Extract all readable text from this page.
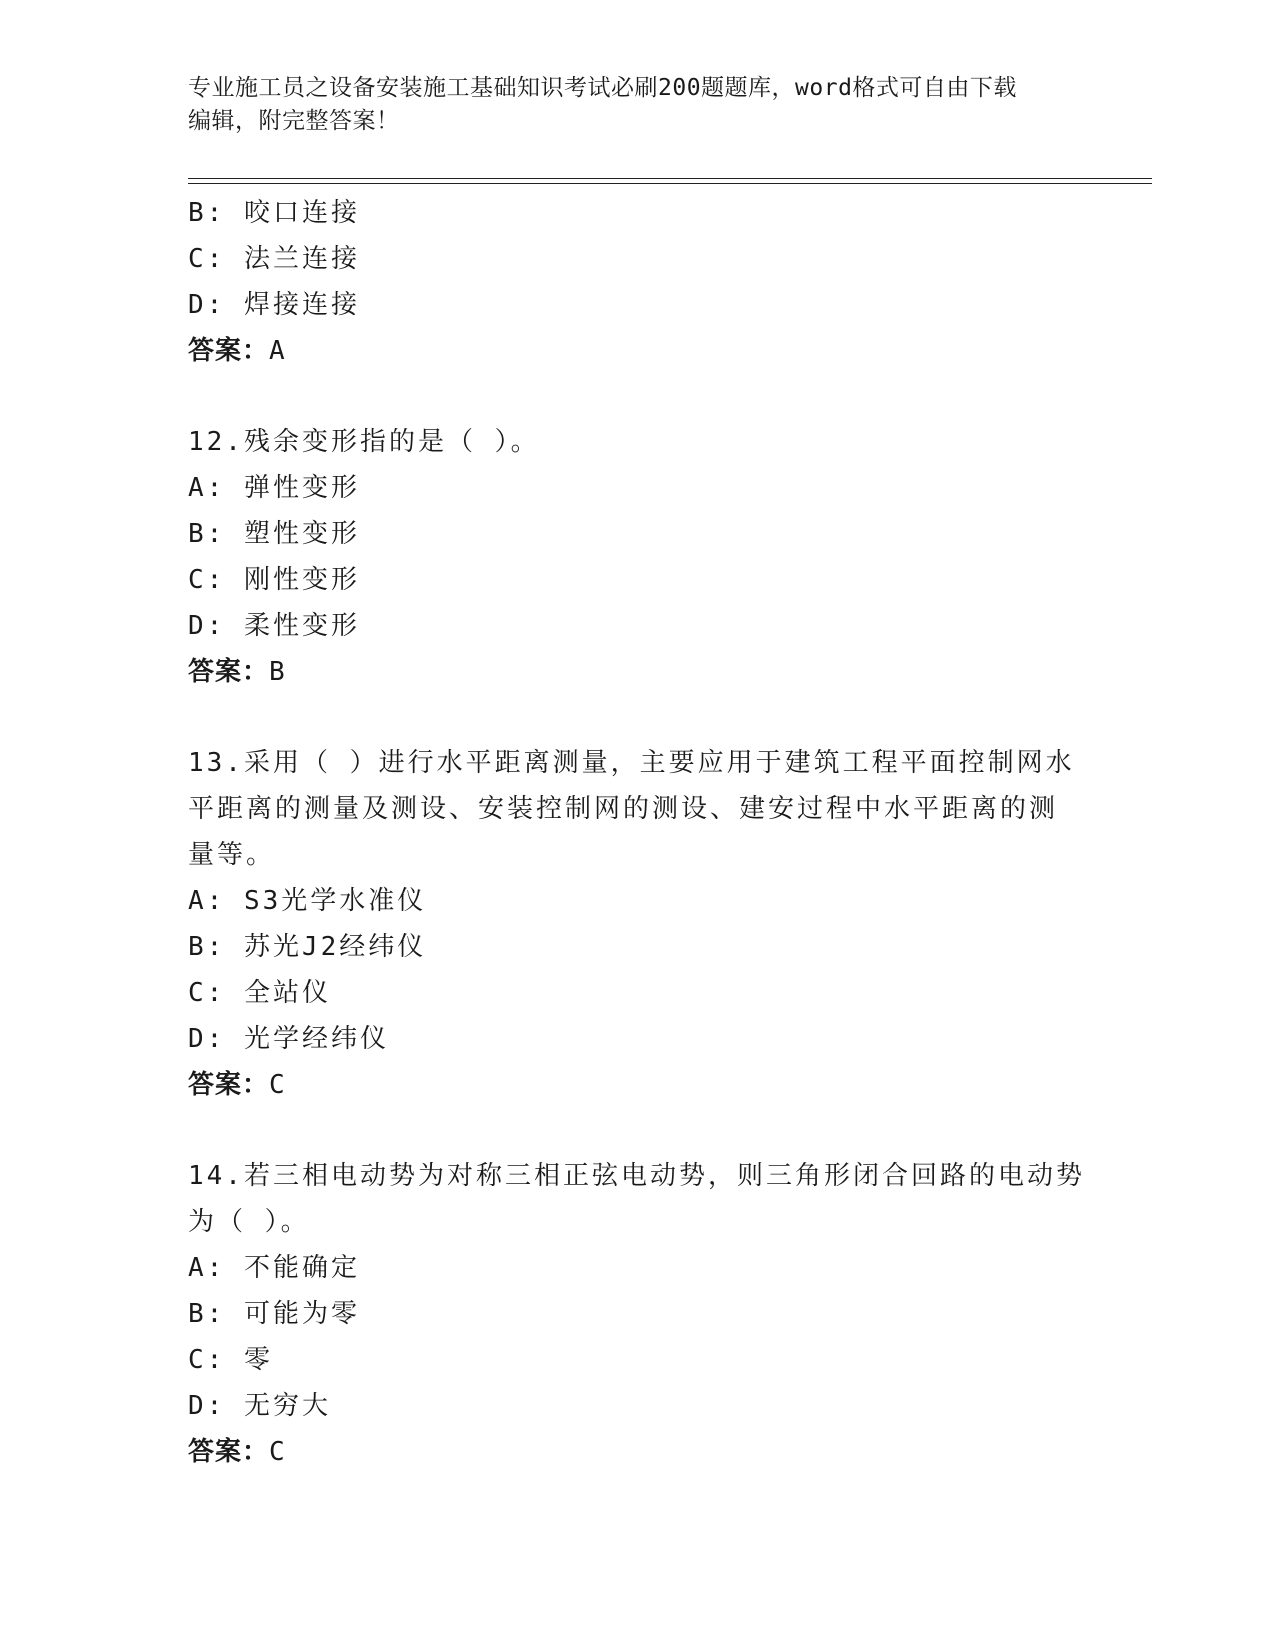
专业施工员之设备安装施工基础知识考试必刷200题题库，word格式可自由下载
编辑，附完整答案！
B: 咬口连接
C: 法兰连接
D: 焊接连接
答案：A
12.残余变形指的是（ ）。
A: 弹性变形
B: 塑性变形
C: 刚性变形
D: 柔性变形
答案：B
13.采用（ ）进行水平距离测量，主要应用于建筑工程平面控制网水
平距离的测量及测设、安装控制网的测设、建安过程中水平距离的测
量等。
A: S3光学水准仪
B: 苏光J2经纬仪
C: 全站仪
D: 光学经纬仪
答案：C
14.若三相电动势为对称三相正弦电动势，则三角形闭合回路的电动势
为（ ）。
A: 不能确定
B: 可能为零
C: 零
D: 无穷大
答案：C
